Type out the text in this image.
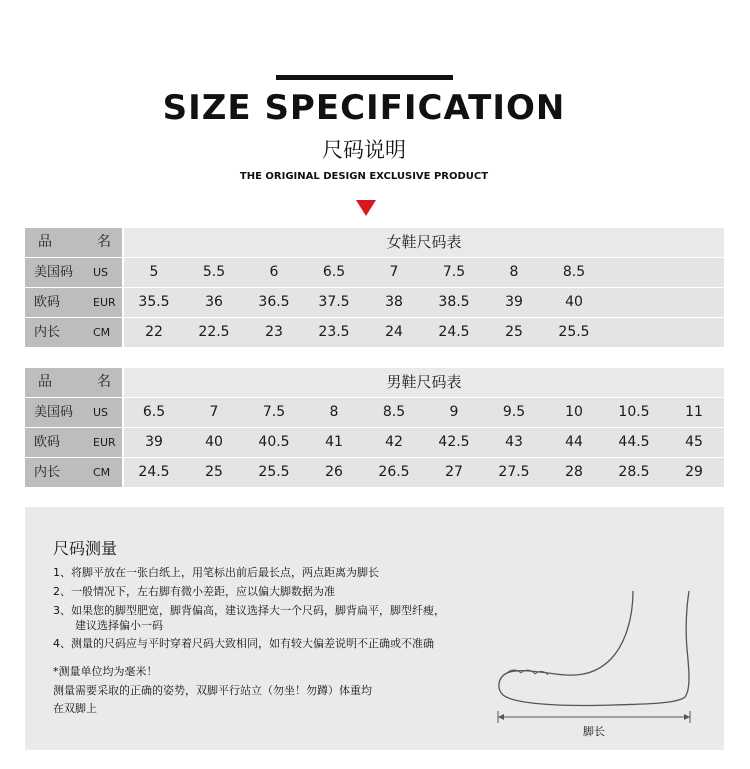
SIZE SPECIFICATION
尺码说明
THE ORIGINAL DESIGN EXCLUSIVE PRODUCT
品	名	女鞋尺码表
美国码 US	5	5.5	6	6.5	7	7.5	8	8.5
欧码	EUR	35.5	36	36.5	37.5	38	38.5	39	40
内长	CM	22	22.5	23	23.5	24	24.5	25	25.5
品	名	男鞋尺码表
美国码 US	6.5	7	7.5	8	8.5	9	9.5	10	10.5	11
欧码	EUR	39	40	40.5	41	42	42.5	43	44	44.5	45
内长	CM	24.5	25	25.5	26	26.5	27	27.5	28	28.5	29
尺码测量
1、将脚平放在一张白纸上，用笔标出前后最长点，两点距离为脚长
2、一般情况下，左右脚有微小差距，应以偏大脚数据为准
3、如果您的脚型肥宽，脚背偏高，建议选择大一个尺码，脚背扁平，脚型纤瘦，
　　建议选择偏小一码
4、测量的尺码应与平时穿着尺码大致相同，如有较大偏差说明不正确或不准确
*测量单位均为毫米！
测量需要采取的正确的姿势，双脚平行站立（勿坐！勿蹲）体重均
在双脚上
脚长
